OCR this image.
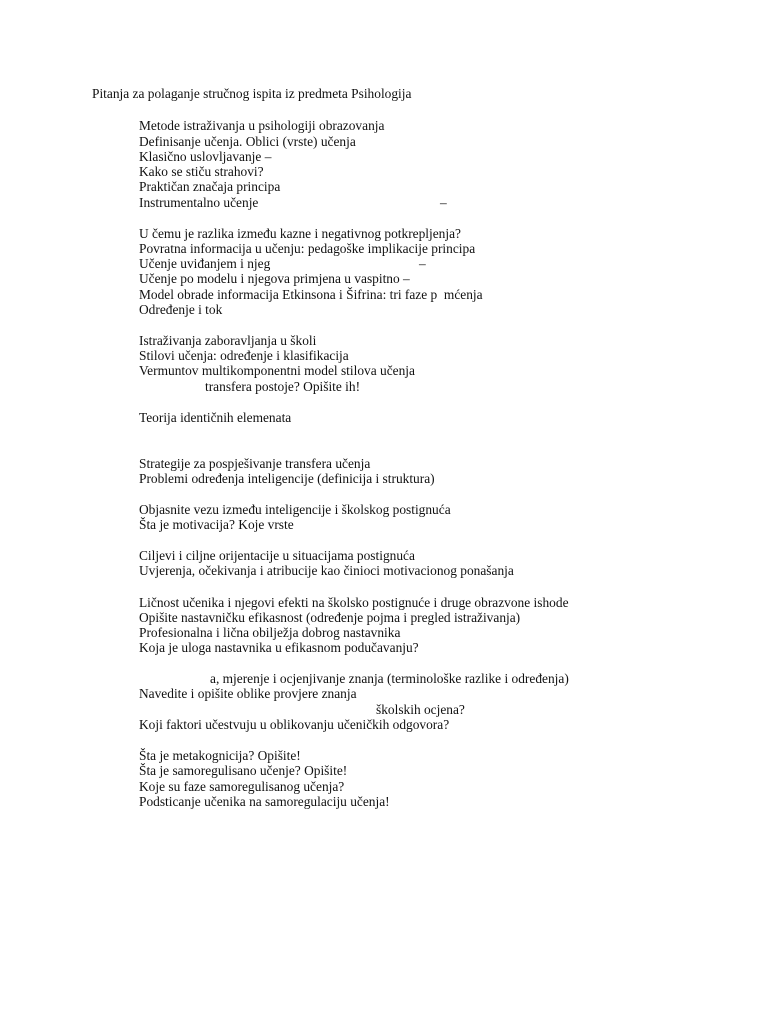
Pitanja za polaganje stručnog ispita iz predmeta Psihologija
Metode istraživanja u psihologiji obrazovanja
Definisanje učenja. Oblici (vrste) učenja
Klasično uslovljavanje –
Kako se stiču strahovi?
Praktičan značaja principa
Instrumentalno učenje	–
U čemu je razlika između kazne i negativnog potkrepljenja?
Povratna informacija u učenju: pedagoške implikacije principa
Učenje uviđanjem i njeg	–
Učenje po modelu i njegova primjena u vaspitno –
Model obrade informacija Etkinsona i Šifrina: tri faze p  mćenja
Određenje i tok
Istraživanja zaboravljanja u školi
Stilovi učenja: određenje i klasifikacija
Vermuntov multikomponentni model stilova učenja
transfera postoje? Opišite ih!
Teorija identičnih elemenata
Strategije za pospješivanje transfera učenja
Problemi određenja inteligencije (definicija i struktura)
Objasnite vezu između inteligencije i školskog postignuća
Šta je motivacija? Koje vrste
Ciljevi i ciljne orijentacije u situacijama postignuća
Uvjerenja, očekivanja i atribucije kao činioci motivacionog ponašanja
Ličnost učenika i njegovi efekti na školsko postignuće i druge obrazvone ishode
Opišite nastavničku efikasnost (određenje pojma i pregled istraživanja)
Profesionalna i lična obilježja dobrog nastavnika
Koja je uloga nastavnika u efikasnom podučavanju?
a, mjerenje i ocjenjivanje znanja (terminološke razlike i određenja)
Navedite i opišite oblike provjere znanja
školskih ocjena?
Koji faktori učestvuju u oblikovanju učeničkih odgovora?
Šta je metakognicija? Opišite!
Šta je samoregulisano učenje? Opišite!
Koje su faze samoregulisanog učenja?
Podsticanje učenika na samoregulaciju učenja!
